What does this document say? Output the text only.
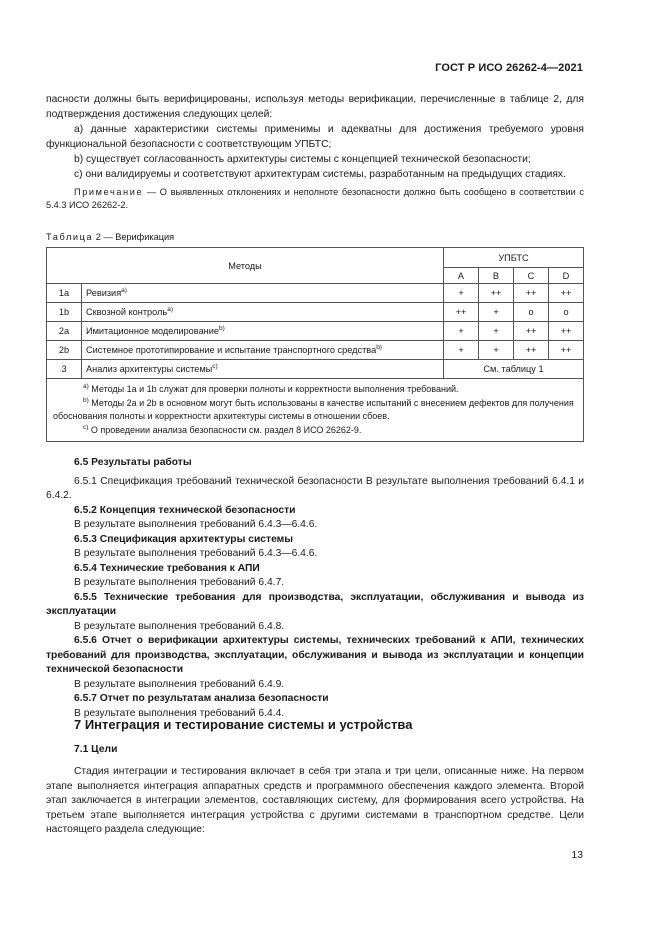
ГОСТ Р ИСО 26262-4—2021

пасности должны быть верифицированы, используя методы верификации, перечисленные в таблице 2, для подтверждения достижения следующих целей:

а) данные характеристики системы применимы и адекватны для достижения требуемого уровня функциональной безопасности с соответствующим УПБТС;

b) существует согласованность архитектуры системы с концепцией технической безопасности;

c) они валидируемы и соответствуют архитектурам системы, разработанным на предыдущих стадиях.

Примечание — О выявленных отклонениях и неполноте безопасности должно быть сообщено в соответствии с 5.4.3 ИСО 26262-2.

Таблица 2 — Верификация
Методы		УПБТС			
		A	B	C	D
1a	Ревизия$^{a)}$	+	++	++	++
1b	Сквозной контроль$^{a)}$	++	+	o	o
2a	Имитационное моделирование$^{b)}$	+	+	++	++
2b	Системное прототипирование и испытание транспортного средства$^{b)}$	+	+	++	++
3	Анализ архитектуры системы$^{c)}$	См. таблицу 1			

$^{a)}$ Методы 1a и 1b служат для проверки полноты и корректности выполнения требований.
$^{b)}$ Методы 2a и 2b в основном могут быть использованы в качестве испытаний с внесением дефектов для получения обоснования полноты и корректности архитектуры системы в отношении сбоев.
$^{c)}$ О проведении анализа безопасности см. раздел 8 ИСО 26262-9.					

6.5 Результаты работы

6.5.1 Спецификация требований технической безопасности В результате выполнения требований 6.4.1 и 6.4.2.

6.5.2 Концепция технической безопасности

В результате выполнения требований 6.4.3—6.4.6.

6.5.3 Спецификация архитектуры системы

В результате выполнения требований 6.4.3—6.4.6.

6.5.4 Технические требования к АПИ

В результате выполнения требований 6.4.7.

6.5.5 Технические требования для производства, эксплуатации, обслуживания и вывода из эксплуатации

В результате выполнения требований 6.4.8.

6.5.6 Отчет о верификации архитектуры системы, технических требований к АПИ, технических требований для производства, эксплуатации, обслуживания и вывода из эксплуатации и концепции технической безопасности

В результате выполнения требований 6.4.9.

6.5.7 Отчет по результатам анализа безопасности

В результате выполнения требований 6.4.4.

7 Интеграция и тестирование системы и устройства

7.1 Цели

Стадия интеграции и тестирования включает в себя три этапа и три цели, описанные ниже. На первом этапе выполняется интеграция аппаратных средств и программного обеспечения каждого элемента. Второй этап заключается в интеграции элементов, составляющих систему, для формирования всего устройства. На третьем этапе выполняется интеграция устройства с другими системами в транспортном средстве. Цели настоящего раздела следующие:

13
